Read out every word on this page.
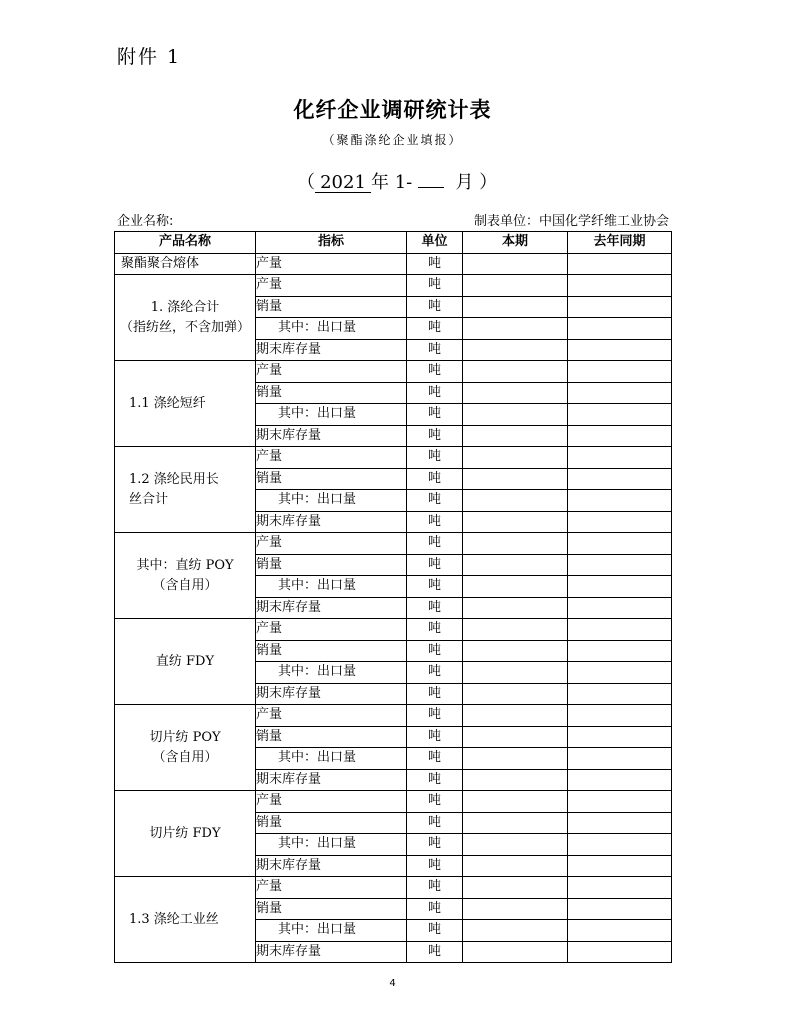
附件 1
化纤企业调研统计表
（聚酯涤纶企业填报）
（ 2021 年 1- 月 ）
企业名称:	制表单位：中国化学纤维工业协会
产品名称	指标	单位	本期	去年同期
聚酯聚合熔体	产量	吨		

1. 涤纶合计
（指纺丝，不含加弹）	产量	吨		
	销量	吨		
	其中：出口量	吨		
	期末库存量	吨		

1.1 涤纶短纤	产量	吨		
	销量	吨		
	其中：出口量	吨		
	期末库存量	吨		

1.2 涤纶民用长
丝合计	产量	吨		
	销量	吨		
	其中：出口量	吨		
	期末库存量	吨		

其中：直纺 POY
（含自用）	产量	吨		
	销量	吨		
	其中：出口量	吨		
	期末库存量	吨		

直纺 FDY	产量	吨		
	销量	吨		
	其中：出口量	吨		
	期末库存量	吨		

切片纺 POY
（含自用）	产量	吨		
	销量	吨		
	其中：出口量	吨		
	期末库存量	吨		

切片纺 FDY	产量	吨		
	销量	吨		
	其中：出口量	吨		
	期末库存量	吨		

1.3 涤纶工业丝	产量	吨		
	销量	吨		
	其中：出口量	吨		
	期末库存量	吨		
4
